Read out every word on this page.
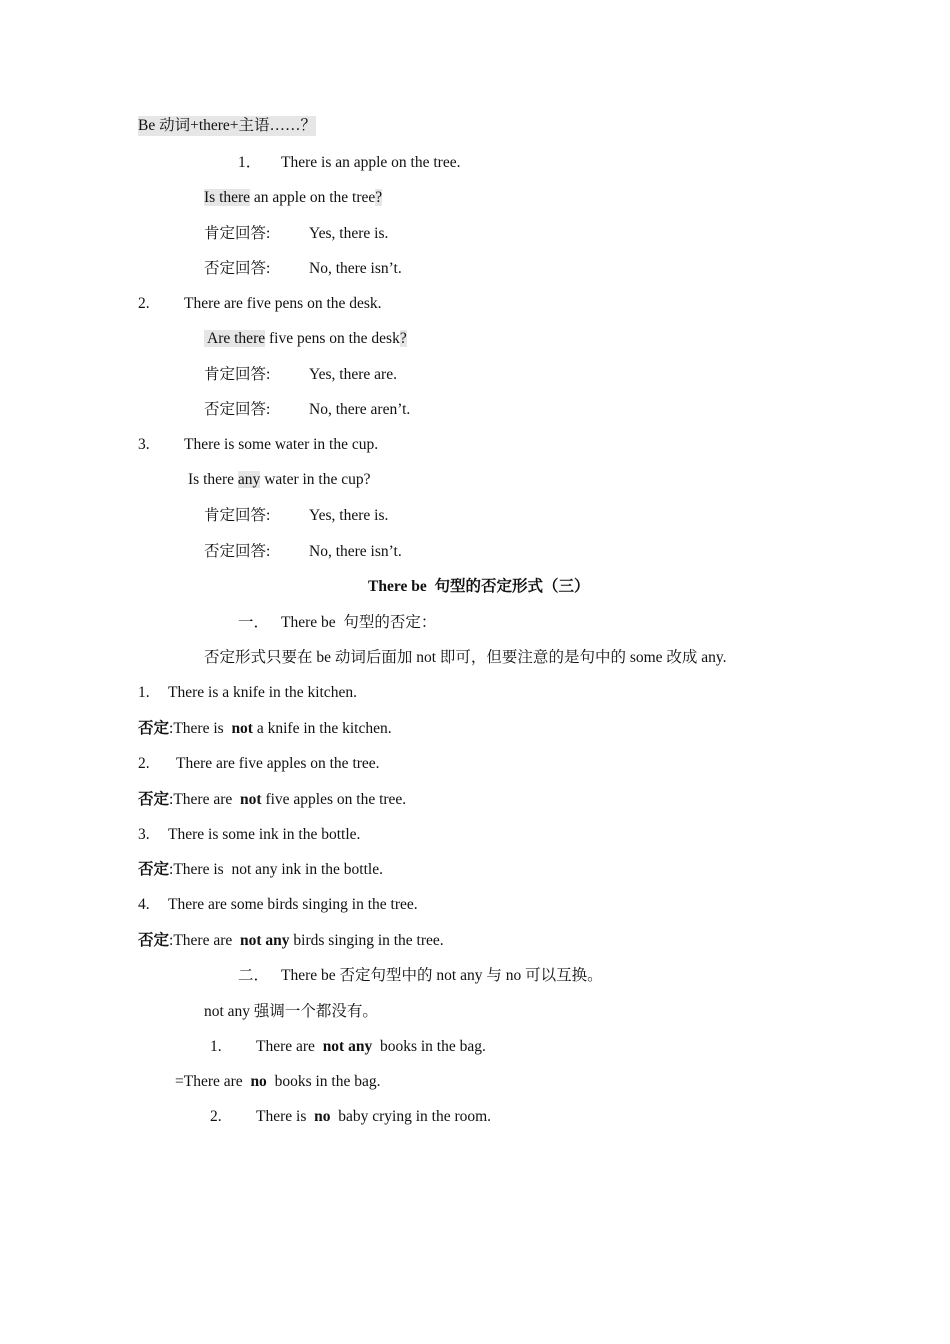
Be 动词+there+主语……？
1． There is an apple on the tree.
Is there an apple on the tree?
肯定回答: Yes, there is.
否定回答: No, there isn’t.
2. There are five pens on the desk.
Are there five pens on the desk?
肯定回答: Yes, there are.
否定回答: No, there aren’t.
3. There is some water in the cup.
Is there any water in the cup?
肯定回答: Yes, there is.
否定回答: No, there isn’t.
There be  句型的否定形式（三）
一． There be  句型的否定：
否定形式只要在 be 动词后面加 not 即可，但要注意的是句中的 some 改成 any.
1. There is a knife in the kitchen.
否定:There is  not a knife in the kitchen.
2. There are five apples on the tree.
否定:There are  not five apples on the tree.
3. There is some ink in the bottle.
否定:There is  not any ink in the bottle.
4. There are some birds singing in the tree.
否定:There are  not any birds singing in the tree.
二． There be 否定句型中的 not any 与 no 可以互换。
not any 强调一个都没有。
1. There are  not any  books in the bag.
=There are  no  books in the bag.
2. There is  no  baby crying in the room.
